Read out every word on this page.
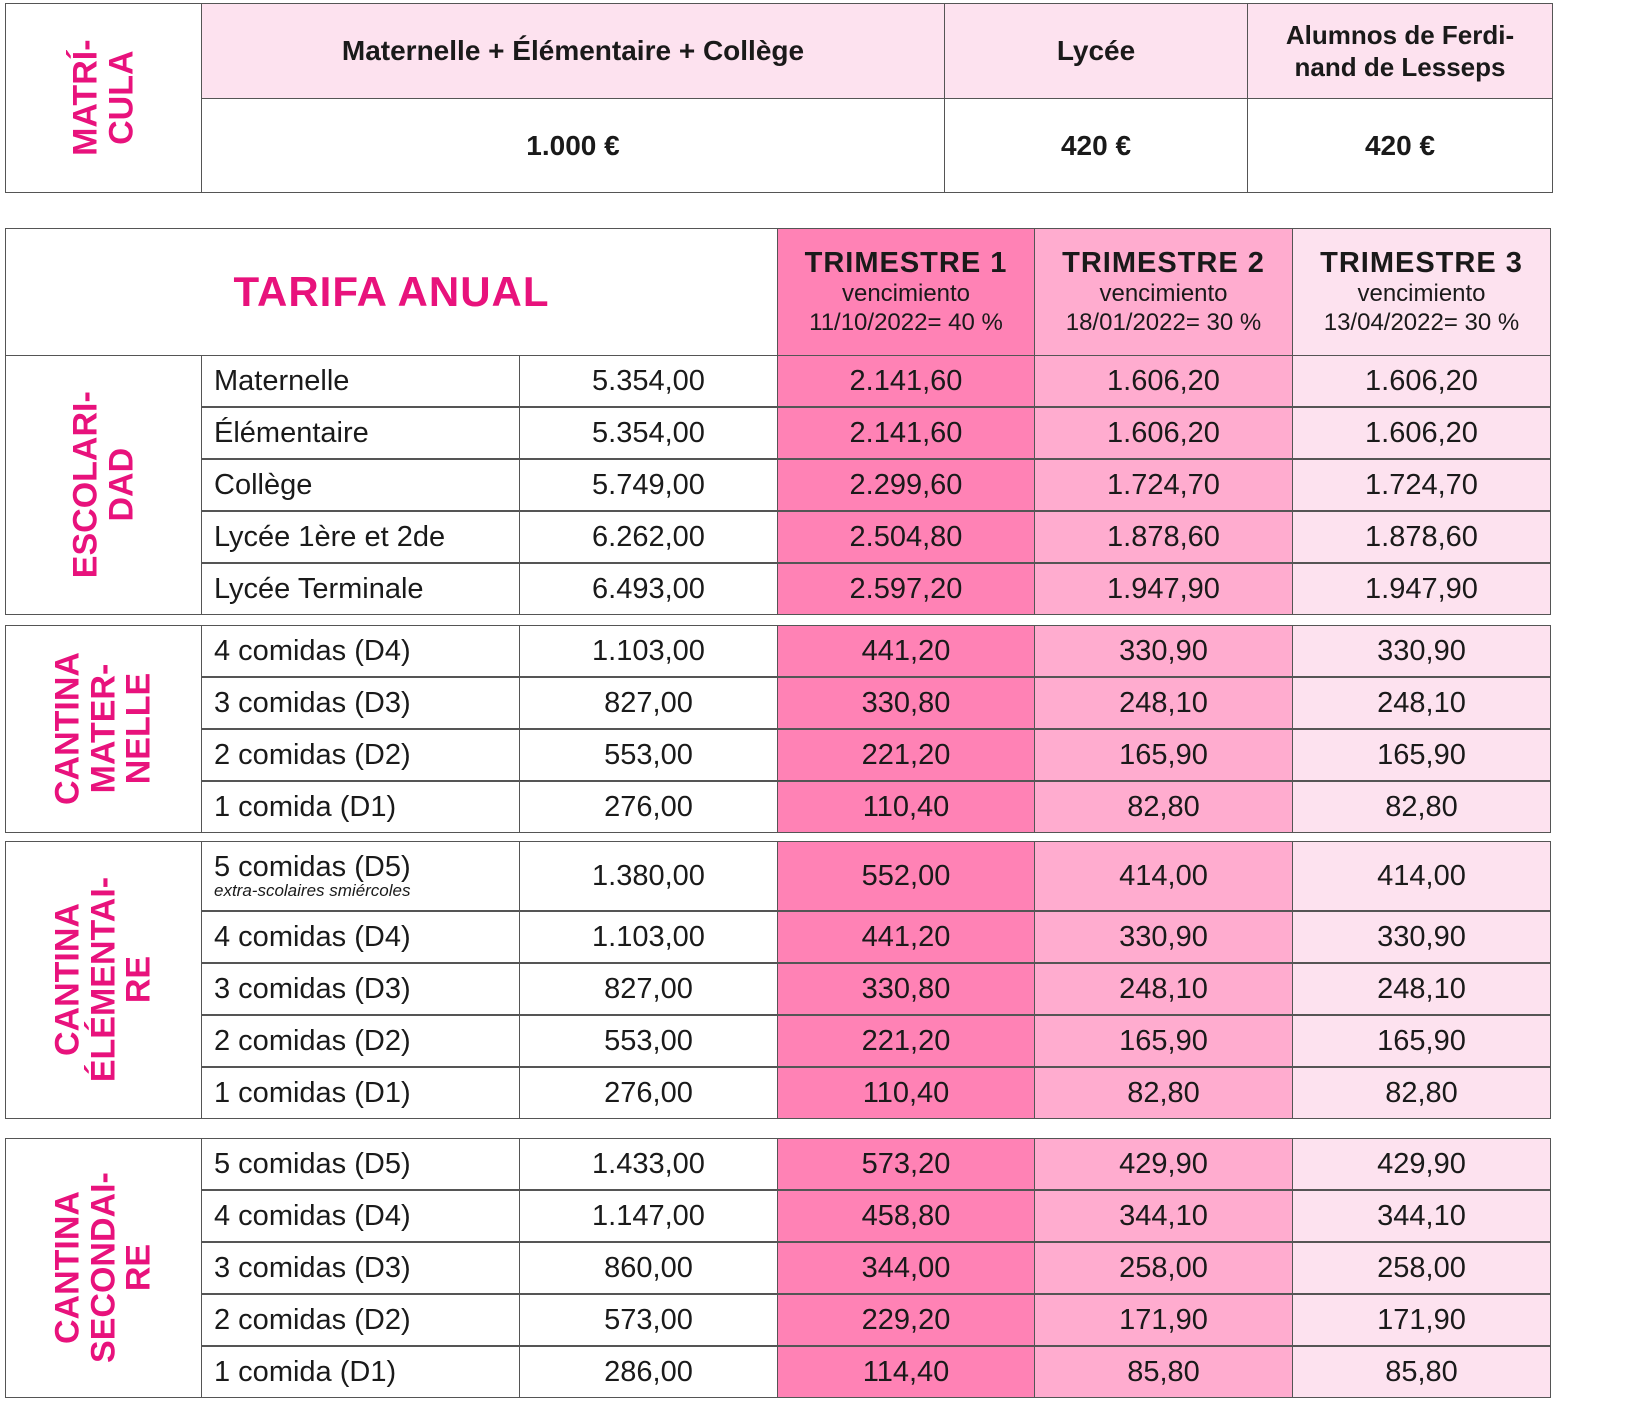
MATRÍ-
CULA
Maternelle + Élémentaire + Collège	Lycée
Alumnos de Ferdi-
nand de Lesseps
1.000 €	420 €	420 €
TARIFA ANUAL
TRIMESTRE 1
vencimiento
11/10/2022= 40 %
TRIMESTRE 2
vencimiento
18/01/2022= 30 %
TRIMESTRE 3
vencimiento
13/04/2022= 30 %
ESCOLARI-
DAD
Maternelle	5.354,00	2.141,60	1.606,20	1.606,20
Élémentaire	5.354,00	2.141,60	1.606,20	1.606,20
Collège	5.749,00	2.299,60	1.724,70	1.724,70
Lycée 1ère et 2de	6.262,00	2.504,80	1.878,60	1.878,60
Lycée Terminale	6.493,00	2.597,20	1.947,90	1.947,90
CANTINA
MATER-
NELLE
4 comidas (D4)	1.103,00	441,20	330,90	330,90
3 comidas (D3)	827,00	330,80	248,10	248,10
2 comidas (D2)	553,00	221,20	165,90	165,90
1 comida (D1)	276,00	110,40	82,80	82,80
CANTINA
ÉLÉMENTAI-
RE
5 comidas (D5)
extra-scolaires smiércoles	1.380,00	552,00	414,00	414,00
4 comidas (D4)	1.103,00	441,20	330,90	330,90
3 comidas (D3)	827,00	330,80	248,10	248,10
2 comidas (D2)	553,00	221,20	165,90	165,90
1 comidas (D1)	276,00	110,40	82,80	82,80
CANTINA
SECONDAI-
RE
5 comidas (D5)	1.433,00	573,20	429,90	429,90
4 comidas (D4)	1.147,00	458,80	344,10	344,10
3 comidas (D3)	860,00	344,00	258,00	258,00
2 comidas (D2)	573,00	229,20	171,90	171,90
1 comida (D1)	286,00	114,40	85,80	85,80
